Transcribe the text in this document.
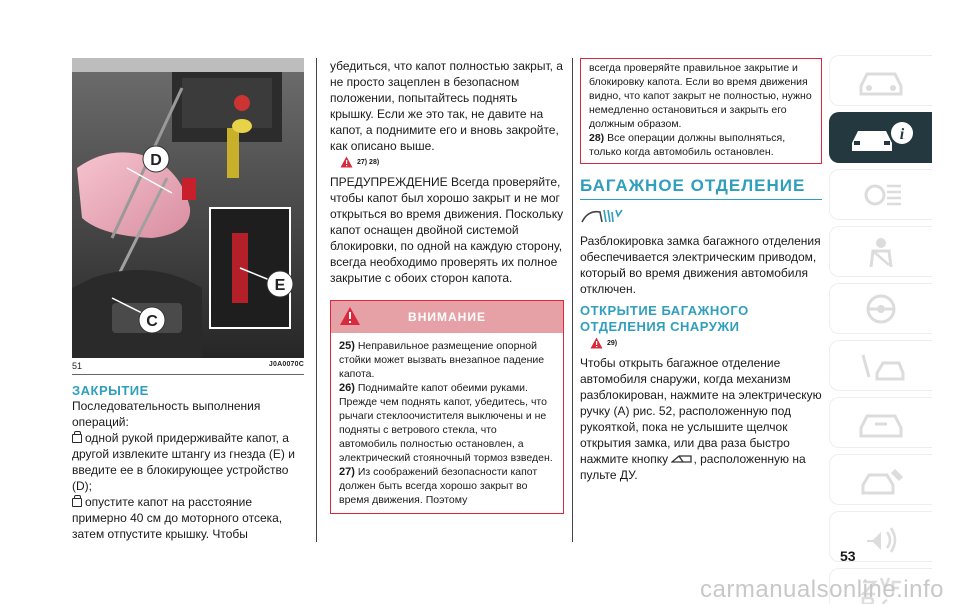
D
E
C
51	J0A0070C
ЗАКРЫТИЕ

Последовательность выполнения операций:

одной рукой придерживайте капот, а другой извлеките штангу из гнезда (E) и введите ее в блокирующее устройство (D);

опустите капот на расстояние примерно 40 см до моторного отсека, затем отпустите крышку. Чтобы

убедиться, что капот полностью закрыт, а не просто зацеплен в безопасном положении, попытайтесь поднять крышку. Если же это так, не давите на капот, а поднимите его и вновь закройте, как описано выше.

27) 28)

ПРЕДУПРЕЖДЕНИЕ Всегда проверяйте, чтобы капот был хорошо закрыт и не мог открыться во время движения. Поскольку капот оснащен двойной системой блокировки, по одной на каждую сторону, всегда необходимо проверять их полное закрытие с обоих сторон капота.

ВНИМАНИЕ

25) Неправильное размещение опорной стойки может вызвать внезапное падение капота.

26) Поднимайте капот обеими руками. Прежде чем поднять капот, убедитесь, что рычаги стеклоочистителя выключены и не подняты с ветрового стекла, что автомобиль полностью остановлен, а электрический стояночный тормоз взведен.

27) Из соображений безопасности капот должен быть всегда хорошо закрыт во время движения. Поэтому

всегда проверяйте правильное закрытие и блокировку капота. Если во время движения видно, что капот закрыт не полностью, нужно немедленно остановиться и закрыть его должным образом.

28) Все операции должны выполняться, только когда автомобиль остановлен.

БАГАЖНОЕ ОТДЕЛЕНИЕ

Разблокировка замка багажного отделения обеспечивается электрическим приводом, который во время движения автомобиля отключен.

ОТКРЫТИЕ БАГАЖНОГО ОТДЕЛЕНИЯ СНАРУЖИ
29)

Чтобы открыть багажное отделение автомобиля снаружи, когда механизм разблокирован, нажмите на электрическую ручку (A) рис. 52, расположенную под рукояткой, пока не услышите щелчок открытия замка, или два раза быстро нажмите кнопку , расположенную на пульте ДУ.

i
53
carmanualsonline.info
